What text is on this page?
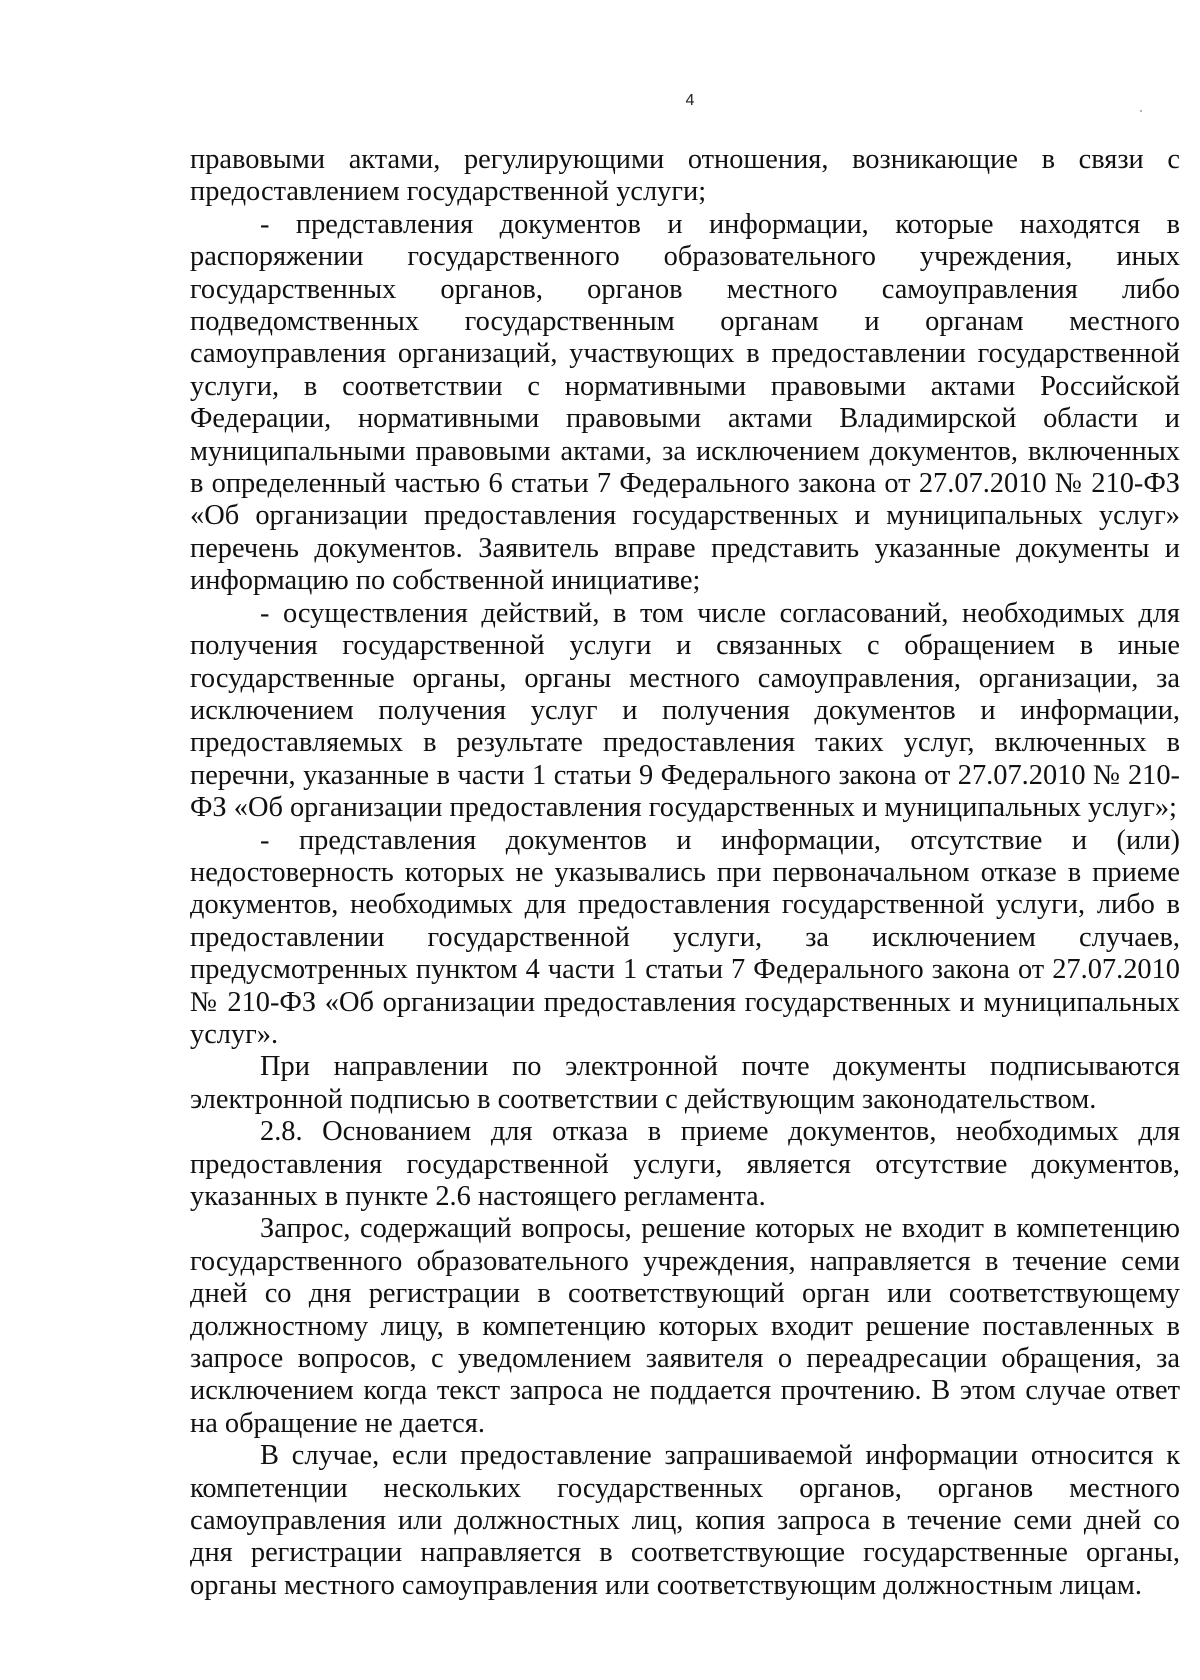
4

правовыми актами, регулирующими отношения, возникающие в связи с предоставлением государственной услуги;

- представления документов и информации, которые находятся в распоряжении государственного образовательного учреждения, иных государственных органов, органов местного самоуправления либо подведомственных государственным органам и органам местного самоуправления организаций, участвующих в предоставлении государственной услуги, в соответствии с нормативными правовыми актами Российской Федерации, нормативными правовыми актами Владимирской области и муниципальными правовыми актами, за исключением документов, включенных в определенный частью 6 статьи 7 Федерального закона от 27.07.2010 № 210-ФЗ «Об организации предоставления государственных и муниципальных услуг» перечень документов. Заявитель вправе представить указанные документы и информацию по собственной инициативе;

- осуществления действий, в том числе согласований, необходимых для получения государственной услуги и связанных с обращением в иные государственные органы, органы местного самоуправления, организации, за исключением получения услуг и получения документов и информации, предоставляемых в результате предоставления таких услуг, включенных в перечни, указанные в части 1 статьи 9 Федерального закона от 27.07.2010 № 210-ФЗ «Об организации предоставления государственных и муниципальных услуг»;

- представления документов и информации, отсутствие и (или) недостоверность которых не указывались при первоначальном отказе в приеме документов, необходимых для предоставления государственной услуги, либо в предоставлении государственной услуги, за исключением случаев, предусмотренных пунктом 4 части 1 статьи 7 Федерального закона от 27.07.2010 № 210-ФЗ «Об организации предоставления государственных и муниципальных услуг».

При направлении по электронной почте документы подписываются электронной подписью в соответствии с действующим законодательством.

2.8. Основанием для отказа в приеме документов, необходимых для предоставления государственной услуги, является отсутствие документов, указанных в пункте 2.6 настоящего регламента.

Запрос, содержащий вопросы, решение которых не входит в компетенцию государственного образовательного учреждения, направляется в течение семи дней со дня регистрации в соответствующий орган или соответствующему должностному лицу, в компетенцию которых входит решение поставленных в запросе вопросов, с уведомлением заявителя о переадресации обращения, за исключением когда текст запроса не поддается прочтению. В этом случае ответ на обращение не дается.

В случае, если предоставление запрашиваемой информации относится к компетенции нескольких государственных органов, органов местного самоуправления или должностных лиц, копия запроса в течение семи дней со дня регистрации направляется в соответствующие государственные органы, органы местного самоуправления или соответствующим должностным лицам.
